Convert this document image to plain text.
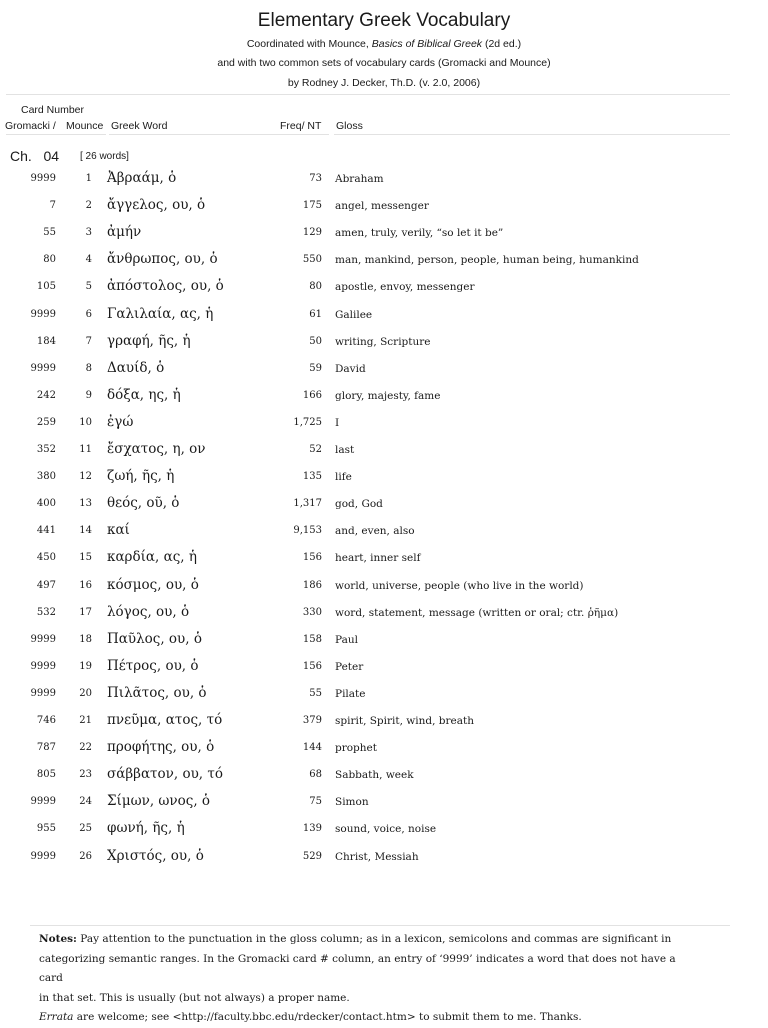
Elementary Greek Vocabulary
Coordinated with Mounce, Basics of Biblical Greek (2d ed.)
and with two common sets of vocabulary cards (Gromacki and Mounce)
by Rodney J. Decker, Th.D. (v. 2.0, 2006)
Card Number
Gromacki / Mounce Greek Word	Freq/ NT Gloss
Ch. 04 [ 26 words]
9999	1 Ἀβραάμ, ὁ	73 Abraham
7	2 ἄγγελος, ου, ὁ	175 angel, messenger
55	3 ἀμήν	129 amen, truly, verily, “so let it be”
80	4 ἄνθρωπος, ου, ὁ	550 man, mankind, person, people, human being, humankind
105	5 ἀπόστολος, ου, ὁ	80 apostle, envoy, messenger
9999	6 Γαλιλαία, ας, ἡ	61 Galilee
184	7 γραφή, ῆς, ἡ	50 writing, Scripture
9999	8 Δαυίδ, ὁ	59 David
242	9 δόξα, ης, ἡ	166 glory, majesty, fame
259 10 ἐγώ	1,725 I
352 11 ἔσχατος, η, ον	52 last
380 12 ζωή, ῆς, ἡ	135 life
400 13 θεός, οῦ, ὁ	1,317 god, God
441 14 καί	9,153 and, even, also
450 15 καρδία, ας, ἡ	156 heart, inner self
497 16 κόσμος, ου, ὁ	186 world, universe, people (who live in the world)
532 17 λόγος, ου, ὁ	330 word, statement, message (written or oral; ctr. ῥῆμα)
9999 18 Παῦλος, ου, ὁ	158 Paul
9999 19 Πέτρος, ου, ὁ	156 Peter
9999 20 Πιλᾶτος, ου, ὁ	55 Pilate
746 21 πνεῦμα, ατος, τό	379 spirit, Spirit, wind, breath
787 22 προφήτης, ου, ὁ	144 prophet
805 23 σάββατον, ου, τό	68 Sabbath, week
9999 24 Σίμων, ωνος, ὁ	75 Simon
955 25 φωνή, ῆς, ἡ	139 sound, voice, noise
9999 26 Χριστός, ου, ὁ	529 Christ, Messiah
Notes: Pay attention to the punctuation in the gloss column; as in a lexicon, semicolons and commas are significant in
categorizing semantic ranges. In the Gromacki card # column, an entry of ‘9999’ indicates a word that does not have a card
in that set. This is usually (but not always) a proper name.
Errata are welcome; see <http://faculty.bbc.edu/rdecker/contact.htm> to submit them to me. Thanks.
